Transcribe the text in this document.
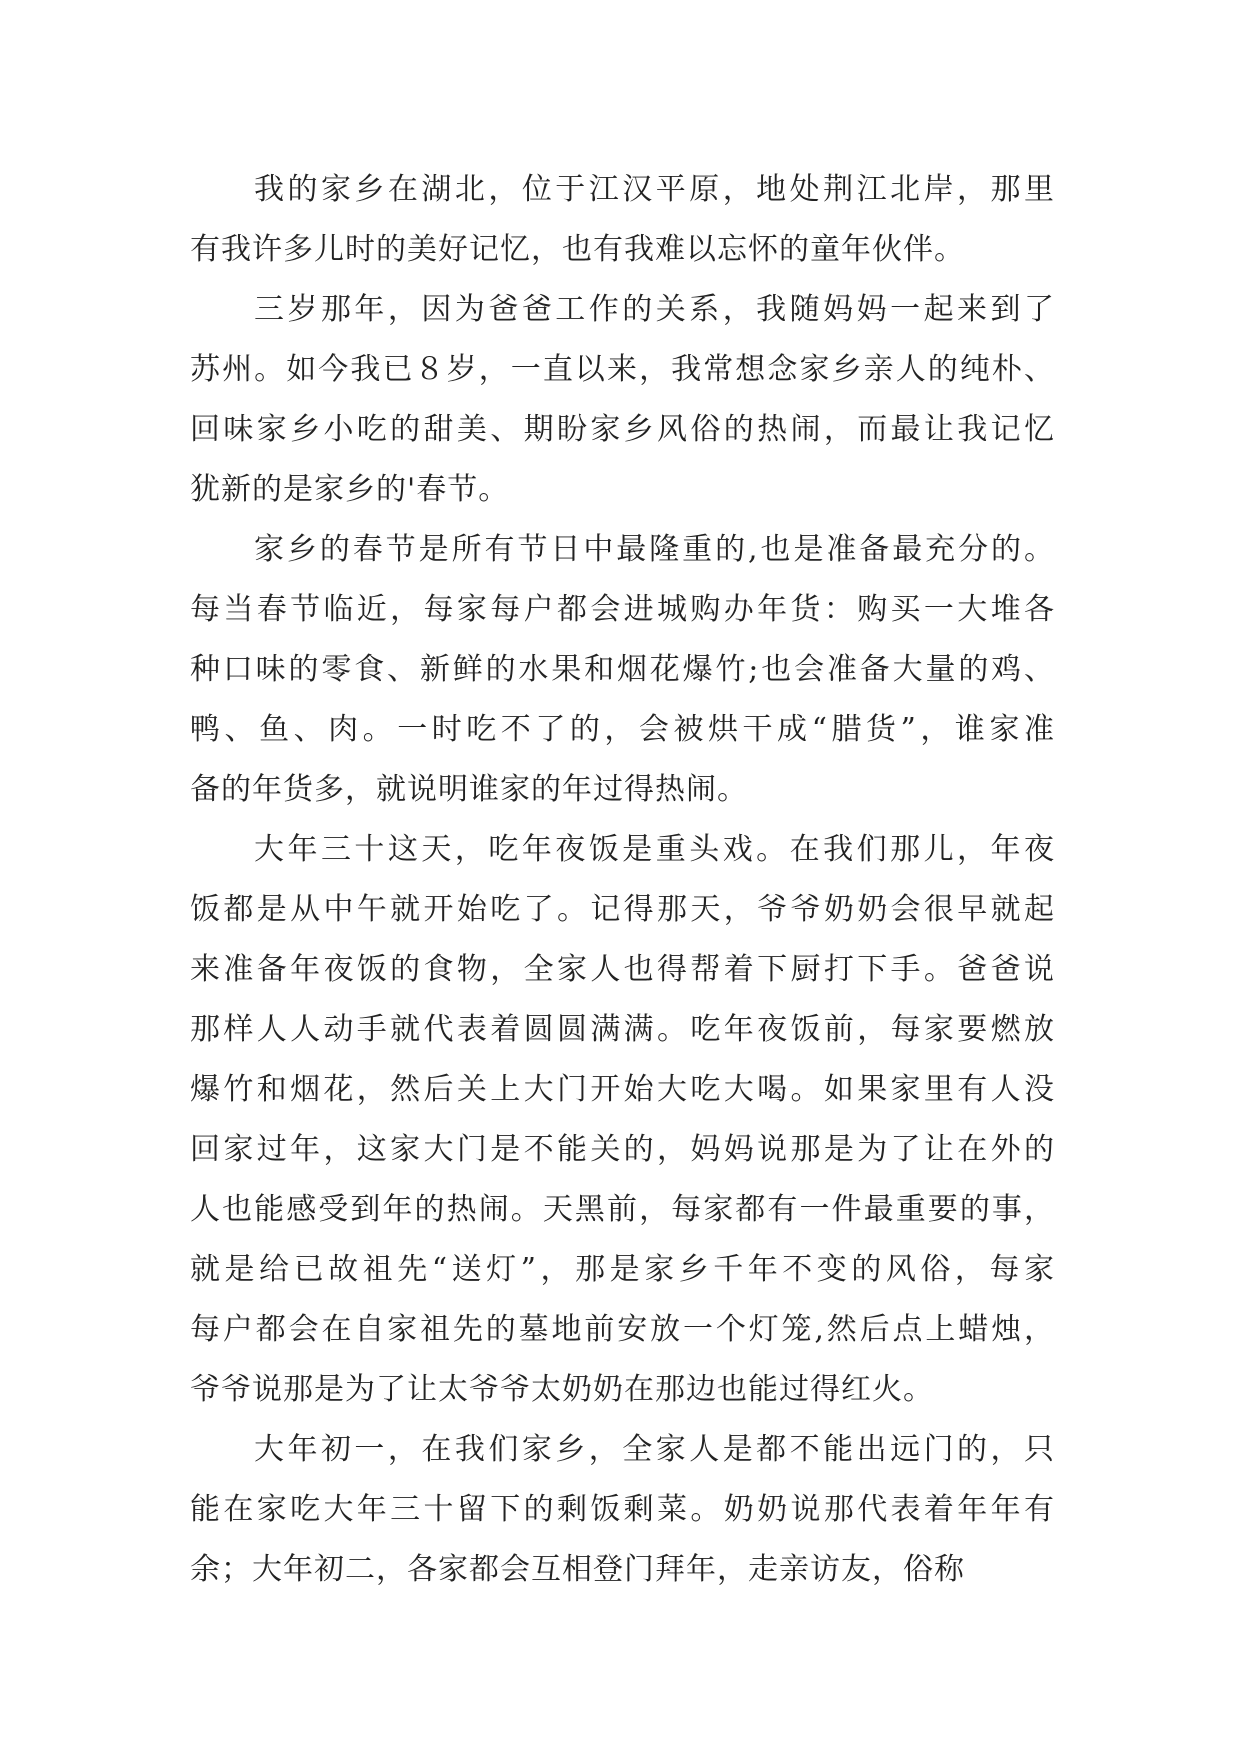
我的家乡在湖北，位于江汉平原，地处荆江北岸，那里
有我许多儿时的美好记忆，也有我难以忘怀的童年伙伴。
三岁那年，因为爸爸工作的关系，我随妈妈一起来到了
苏州。如今我已８岁，一直以来，我常想念家乡亲人的纯朴、
回味家乡小吃的甜美、期盼家乡风俗的热闹，而最让我记忆
犹新的是家乡的'春节。
家乡的春节是所有节日中最隆重的,也是准备最充分的。
每当春节临近，每家每户都会进城购办年货：购买一大堆各
种口味的零食、新鲜的水果和烟花爆竹;也会准备大量的鸡、
鸭、鱼、肉。一时吃不了的，会被烘干成“腊货”，谁家准
备的年货多，就说明谁家的年过得热闹。
大年三十这天，吃年夜饭是重头戏。在我们那儿，年夜
饭都是从中午就开始吃了。记得那天，爷爷奶奶会很早就起
来准备年夜饭的食物，全家人也得帮着下厨打下手。爸爸说
那样人人动手就代表着圆圆满满。吃年夜饭前，每家要燃放
爆竹和烟花，然后关上大门开始大吃大喝。如果家里有人没
回家过年，这家大门是不能关的，妈妈说那是为了让在外的
人也能感受到年的热闹。天黑前，每家都有一件最重要的事，
就是给已故祖先“送灯”，那是家乡千年不变的风俗，每家
每户都会在自家祖先的墓地前安放一个灯笼,然后点上蜡烛，
爷爷说那是为了让太爷爷太奶奶在那边也能过得红火。
大年初一，在我们家乡，全家人是都不能出远门的，只
能在家吃大年三十留下的剩饭剩菜。奶奶说那代表着年年有
余；大年初二，各家都会互相登门拜年，走亲访友，俗称
